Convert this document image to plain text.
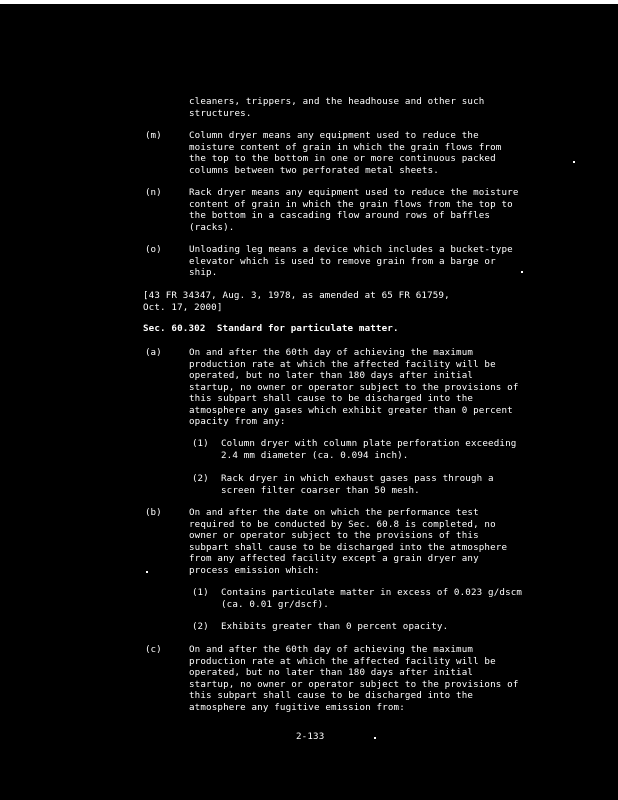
cleaners, trippers, and the headhouse and other such
structures.
(m)	Column dryer means any equipment used to reduce the
moisture content of grain in which the grain flows from
the top to the bottom in one or more continuous packed
columns between two perforated metal sheets.
(n)	Rack dryer means any equipment used to reduce the moisture
content of grain in which the grain flows from the top to
the bottom in a cascading flow around rows of baffles
(racks).
(o)	Unloading leg means a device which includes a bucket-type
elevator which is used to remove grain from a barge or
ship.
[43 FR 34347, Aug. 3, 1978, as amended at 65 FR 61759,
Oct. 17, 2000]
Sec. 60.302  Standard for particulate matter.
(a)	On and after the 60th day of achieving the maximum
production rate at which the affected facility will be
operated, but no later than 180 days after initial
startup, no owner or operator subject to the provisions of
this subpart shall cause to be discharged into the
atmosphere any gases which exhibit greater than 0 percent
opacity from any:
(1) Column dryer with column plate perforation exceeding
2.4 mm diameter (ca. 0.094 inch).
(2) Rack dryer in which exhaust gases pass through a
screen filter coarser than 50 mesh.
(b)	On and after the date on which the performance test
required to be conducted by Sec. 60.8 is completed, no
owner or operator subject to the provisions of this
subpart shall cause to be discharged into the atmosphere
from any affected facility except a grain dryer any
process emission which:
(1) Contains particulate matter in excess of 0.023 g/dscm
(ca. 0.01 gr/dscf).
(2) Exhibits greater than 0 percent opacity.
(c)	On and after the 60th day of achieving the maximum
production rate at which the affected facility will be
operated, but no later than 180 days after initial
startup, no owner or operator subject to the provisions of
this subpart shall cause to be discharged into the
atmosphere any fugitive emission from:
2-133
